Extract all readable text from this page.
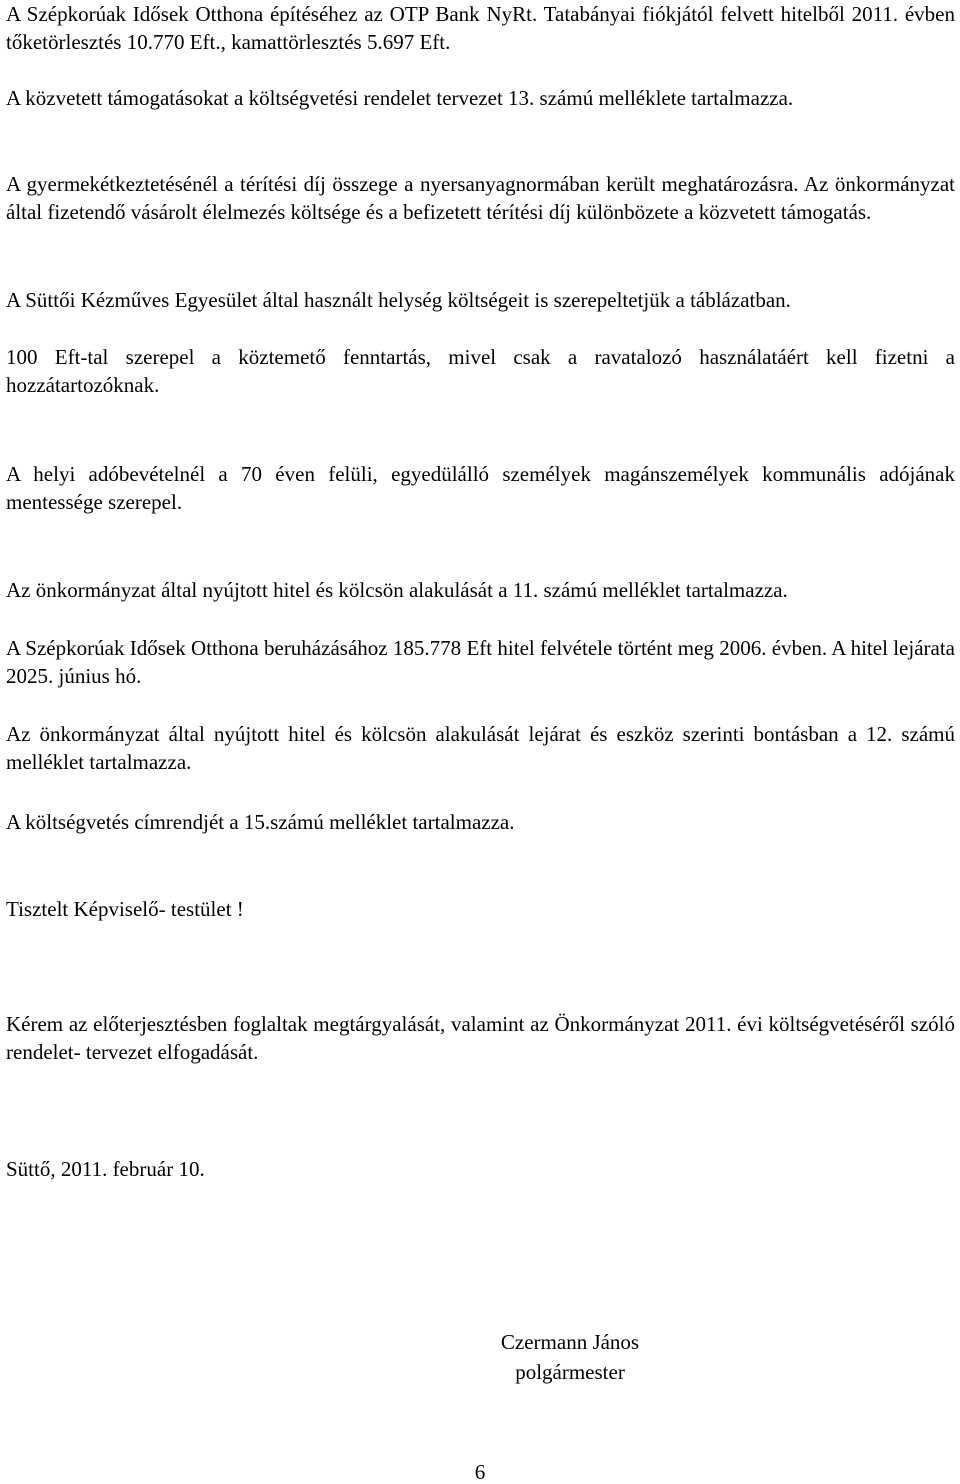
A Szépkorúak Idősek Otthona építéséhez az OTP Bank NyRt. Tatabányai fiókjától felvett hitelből 2011. évben tőketörlesztés 10.770 Eft., kamattörlesztés 5.697 Eft.

A közvetett támogatásokat a költségvetési rendelet tervezet 13. számú melléklete tartalmazza.

A gyermekétkeztetésénél a térítési díj összege a nyersanyagnormában került meghatározásra. Az önkormányzat által fizetendő vásárolt élelmezés költsége és a befizetett térítési díj különbözete a közvetett támogatás.

A Süttői Kézműves Egyesület által használt helység költségeit is szerepeltetjük a táblázatban.

100 Eft-tal szerepel a köztemető fenntartás, mivel csak a ravatalozó használatáért kell fizetni a hozzátartozóknak.

A helyi adóbevételnél a 70 éven felüli, egyedülálló személyek magánszemélyek kommunális adójának mentessége szerepel.

Az önkormányzat által nyújtott hitel és kölcsön alakulását a 11. számú melléklet tartalmazza.

A Szépkorúak Idősek Otthona beruházásához 185.778 Eft hitel felvétele történt meg 2006. évben. A hitel lejárata 2025. június hó.

Az önkormányzat által nyújtott hitel és kölcsön alakulását lejárat és eszköz szerinti bontásban a 12. számú melléklet tartalmazza.

A költségvetés címrendjét a 15.számú melléklet tartalmazza.

Tisztelt Képviselő- testület !

Kérem az előterjesztésben foglaltak megtárgyalását, valamint az Önkormányzat 2011. évi költségvetéséről szóló rendelet- tervezet elfogadását.

Süttő, 2011. február 10.

Czermann János
polgármester
6
